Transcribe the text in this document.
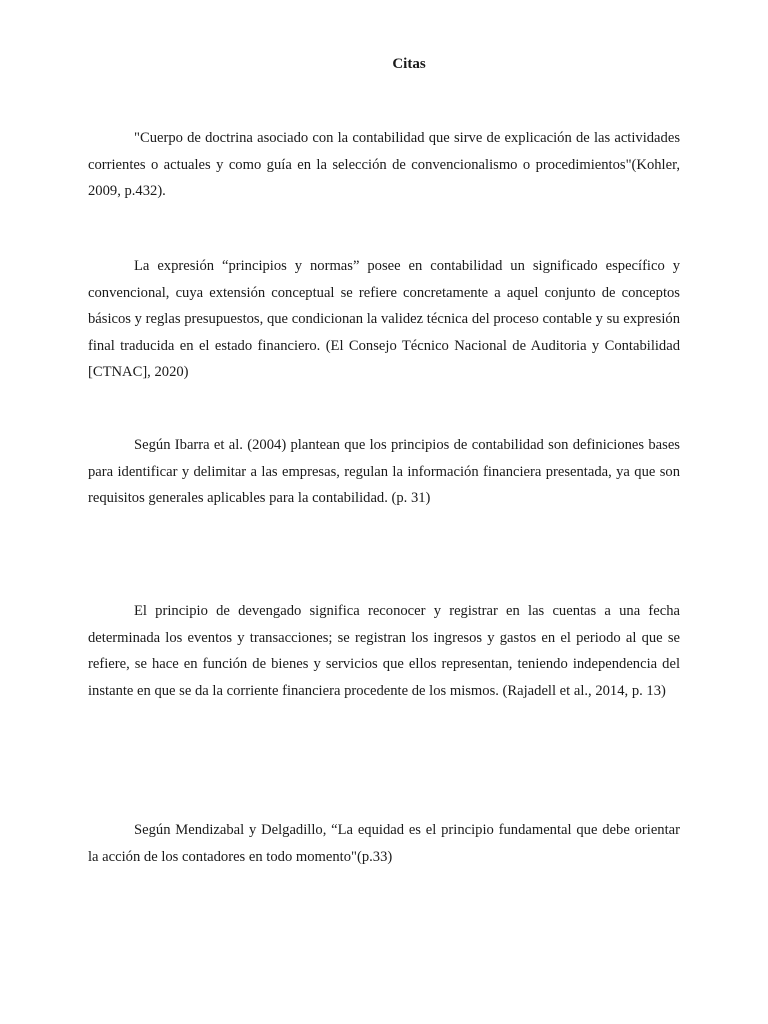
Citas

"Cuerpo de doctrina asociado con la contabilidad que sirve de explicación de las actividades corrientes o actuales y como guía en la selección de convencionalismo o procedimientos"(Kohler, 2009, p.432).

La expresión “principios y normas” posee en contabilidad un significado específico y convencional, cuya extensión conceptual se refiere concretamente a aquel conjunto de conceptos básicos y reglas presupuestos, que condicionan la validez técnica del proceso contable y su expresión final traducida en el estado financiero. (El Consejo Técnico Nacional de Auditoria y Contabilidad [CTNAC], 2020)

Según Ibarra et al. (2004) plantean que los principios de contabilidad son definiciones bases para identificar y delimitar a las empresas, regulan la información financiera presentada, ya que son requisitos generales aplicables para la contabilidad. (p. 31)

El principio de devengado significa reconocer y registrar en las cuentas a una fecha determinada los eventos y transacciones; se registran los ingresos y gastos en el periodo al que se refiere, se hace en función de bienes y servicios que ellos representan, teniendo independencia del instante en que se da la corriente financiera procedente de los mismos. (Rajadell et al., 2014, p. 13)

Según Mendizabal y Delgadillo, “La equidad es el principio fundamental que debe orientar la acción de los contadores en todo momento"(p.33)
